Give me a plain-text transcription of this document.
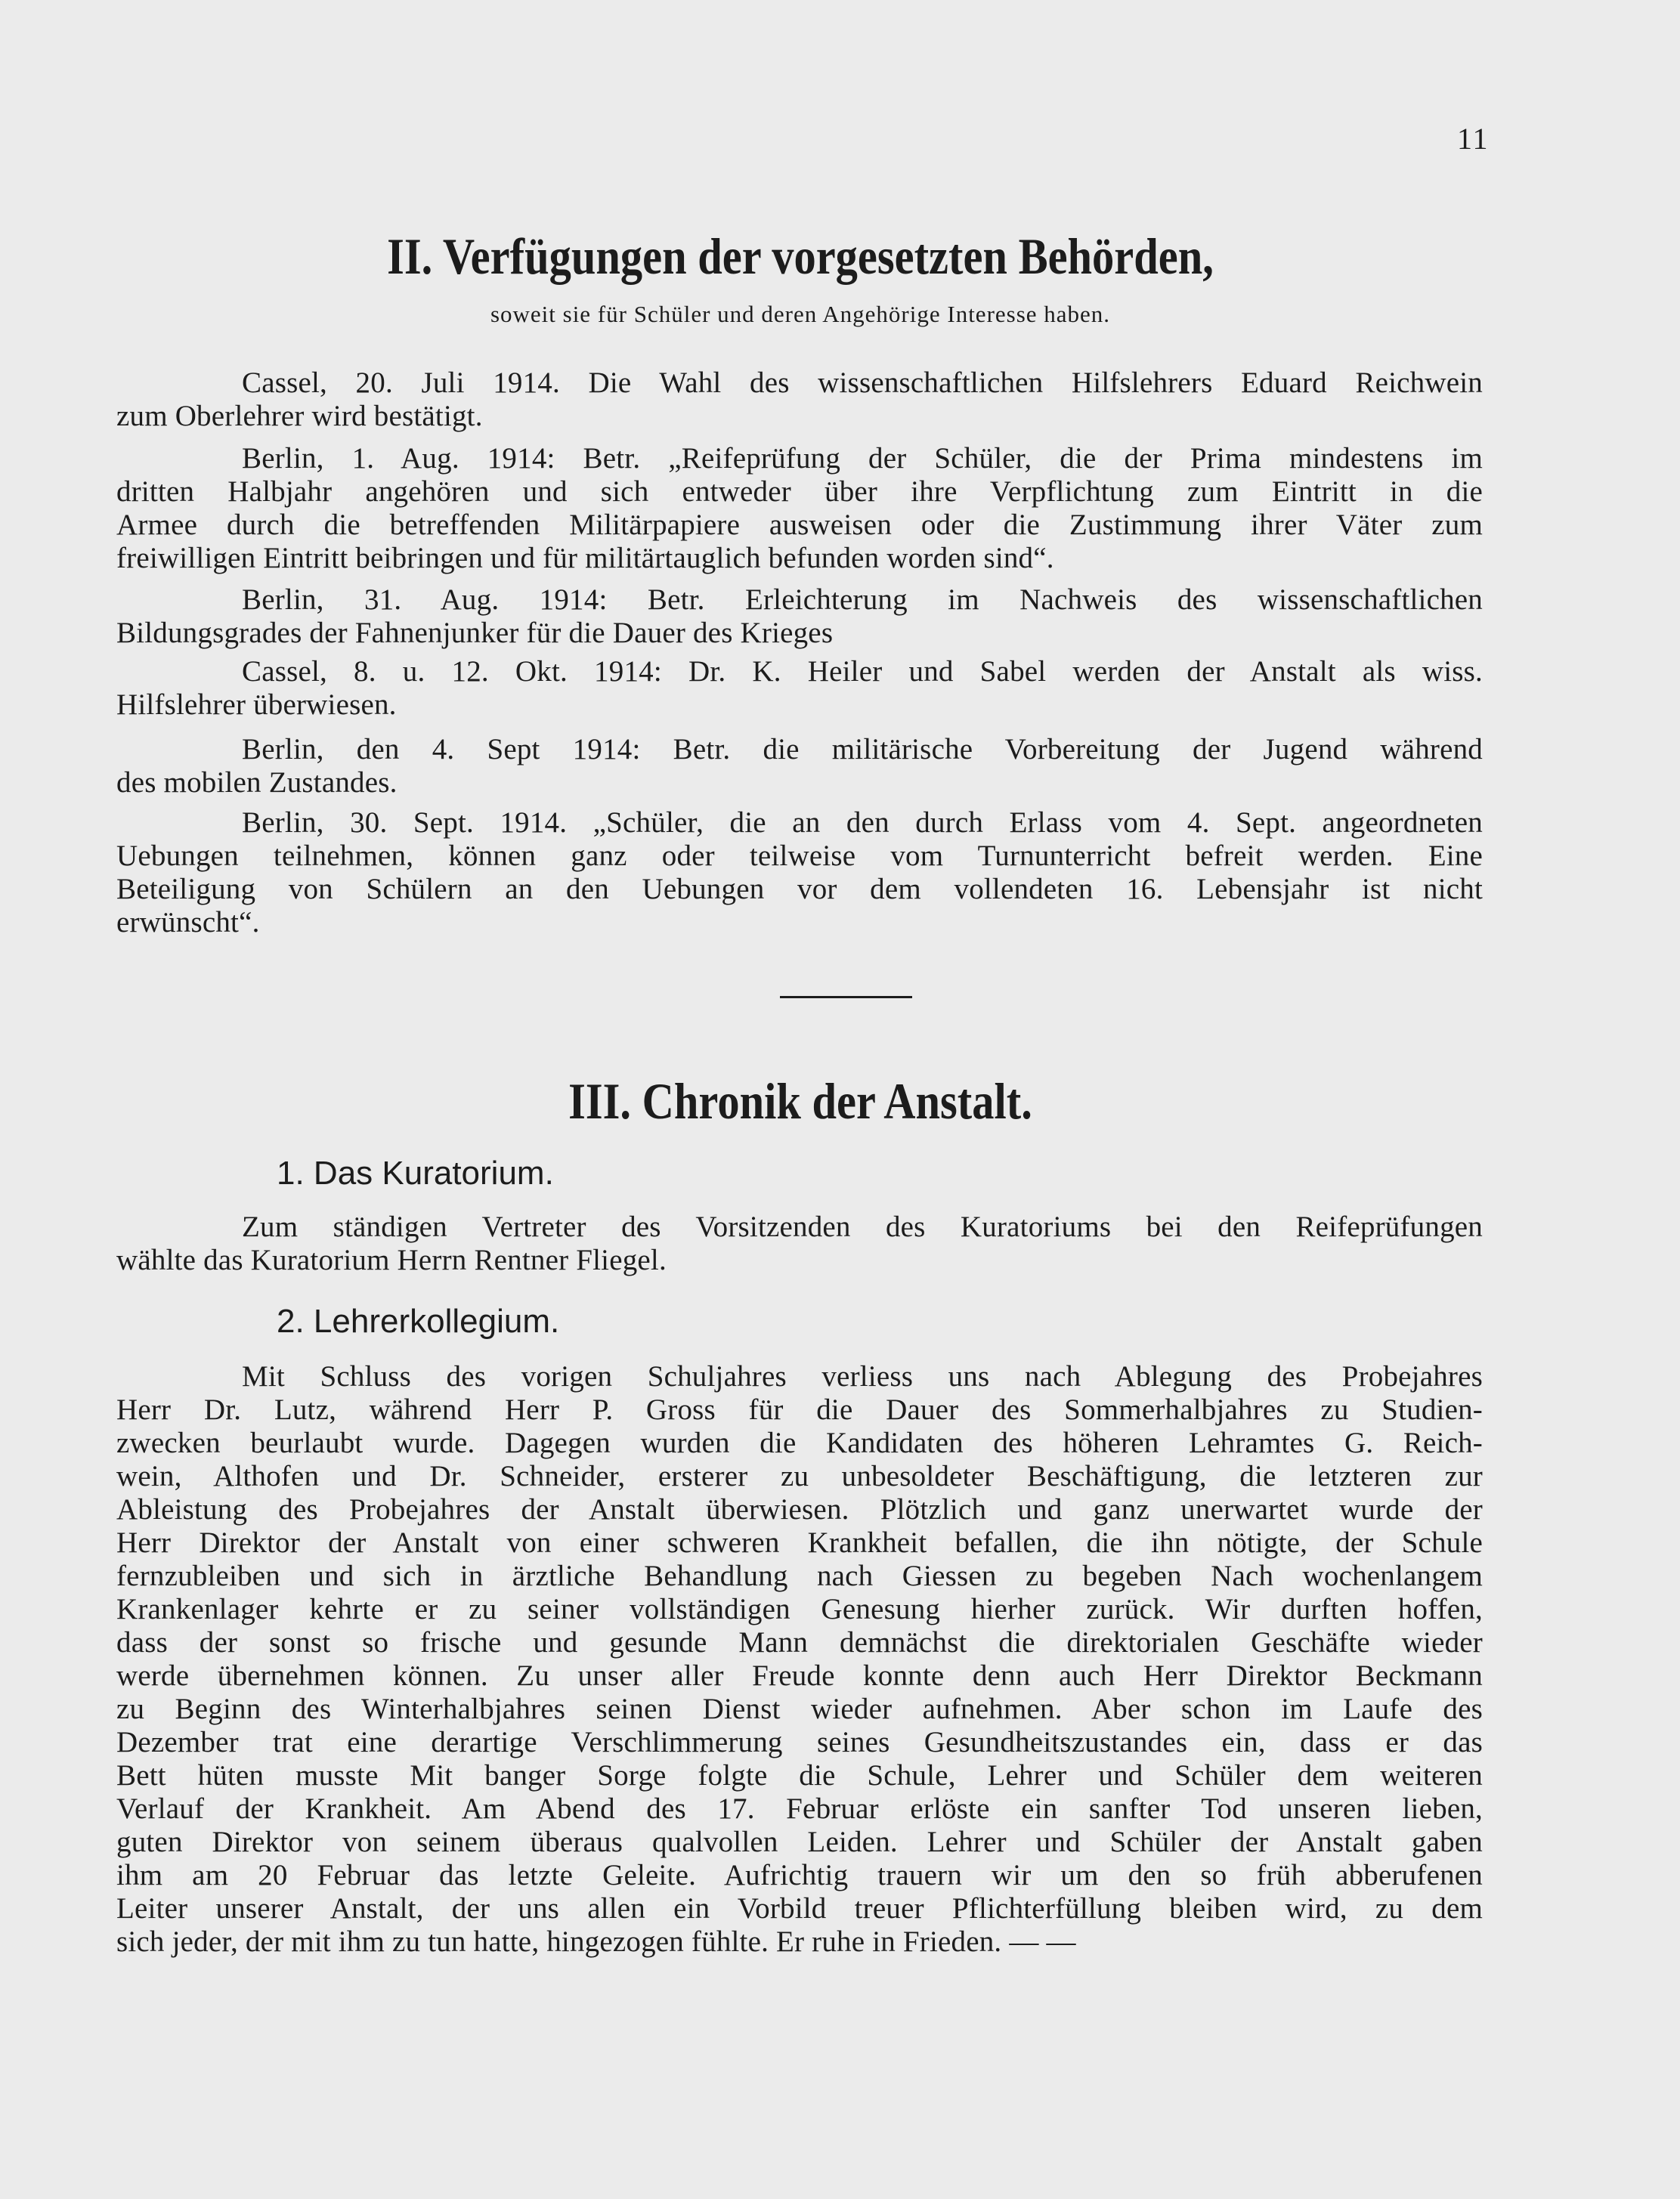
11
II. Verfügungen der vorgesetzten Behörden,
soweit sie für Schüler und deren Angehörige Interesse haben.
Cassel, 20. Juli 1914. Die Wahl des wissenschaftlichen Hilfslehrers Eduard Reichwein
zum Oberlehrer wird bestätigt.
Berlin, 1. Aug. 1914: Betr. „Reifeprüfung der Schüler, die der Prima mindestens im
dritten Halbjahr angehören und sich entweder über ihre Verpflichtung zum Eintritt in die
Armee durch die betreffenden Militärpapiere ausweisen oder die Zustimmung ihrer Väter zum
freiwilligen Eintritt beibringen und für militärtauglich befunden worden sind“.
Berlin, 31. Aug. 1914: Betr. Erleichterung im Nachweis des wissenschaftlichen
Bildungsgrades der Fahnenjunker für die Dauer des Krieges
Cassel, 8. u. 12. Okt. 1914: Dr. K. Heiler und Sabel werden der Anstalt als wiss.
Hilfslehrer überwiesen.
Berlin, den 4. Sept 1914: Betr. die militärische Vorbereitung der Jugend während
des mobilen Zustandes.
Berlin, 30. Sept. 1914. „Schüler, die an den durch Erlass vom 4. Sept. angeordneten
Uebungen teilnehmen, können ganz oder teilweise vom Turnunterricht befreit werden. Eine
Beteiligung von Schülern an den Uebungen vor dem vollendeten 16. Lebensjahr ist nicht
erwünscht“.
III. Chronik der Anstalt.
1. Das Kuratorium.
Zum ständigen Vertreter des Vorsitzenden des Kuratoriums bei den Reifeprüfungen
wählte das Kuratorium Herrn Rentner Fliegel.
2. Lehrerkollegium.
Mit Schluss des vorigen Schuljahres verliess uns nach Ablegung des Probejahres
Herr Dr. Lutz, während Herr P. Gross für die Dauer des Sommerhalbjahres zu Studien-
zwecken beurlaubt wurde. Dagegen wurden die Kandidaten des höheren Lehramtes G. Reich-
wein, Althofen und Dr. Schneider, ersterer zu unbesoldeter Beschäftigung, die letzteren zur
Ableistung des Probejahres der Anstalt überwiesen. Plötzlich und ganz unerwartet wurde der
Herr Direktor der Anstalt von einer schweren Krankheit befallen, die ihn nötigte, der Schule
fernzubleiben und sich in ärztliche Behandlung nach Giessen zu begeben Nach wochenlangem
Krankenlager kehrte er zu seiner vollständigen Genesung hierher zurück. Wir durften hoffen,
dass der sonst so frische und gesunde Mann demnächst die direktorialen Geschäfte wieder
werde übernehmen können. Zu unser aller Freude konnte denn auch Herr Direktor Beckmann
zu Beginn des Winterhalbjahres seinen Dienst wieder aufnehmen. Aber schon im Laufe des
Dezember trat eine derartige Verschlimmerung seines Gesundheitszustandes ein, dass er das
Bett hüten musste Mit banger Sorge folgte die Schule, Lehrer und Schüler dem weiteren
Verlauf der Krankheit. Am Abend des 17. Februar erlöste ein sanfter Tod unseren lieben,
guten Direktor von seinem überaus qualvollen Leiden. Lehrer und Schüler der Anstalt gaben
ihm am 20 Februar das letzte Geleite. Aufrichtig trauern wir um den so früh abberufenen
Leiter unserer Anstalt, der uns allen ein Vorbild treuer Pflichterfüllung bleiben wird, zu dem
sich jeder, der mit ihm zu tun hatte, hingezogen fühlte. Er ruhe in Frieden. — —
